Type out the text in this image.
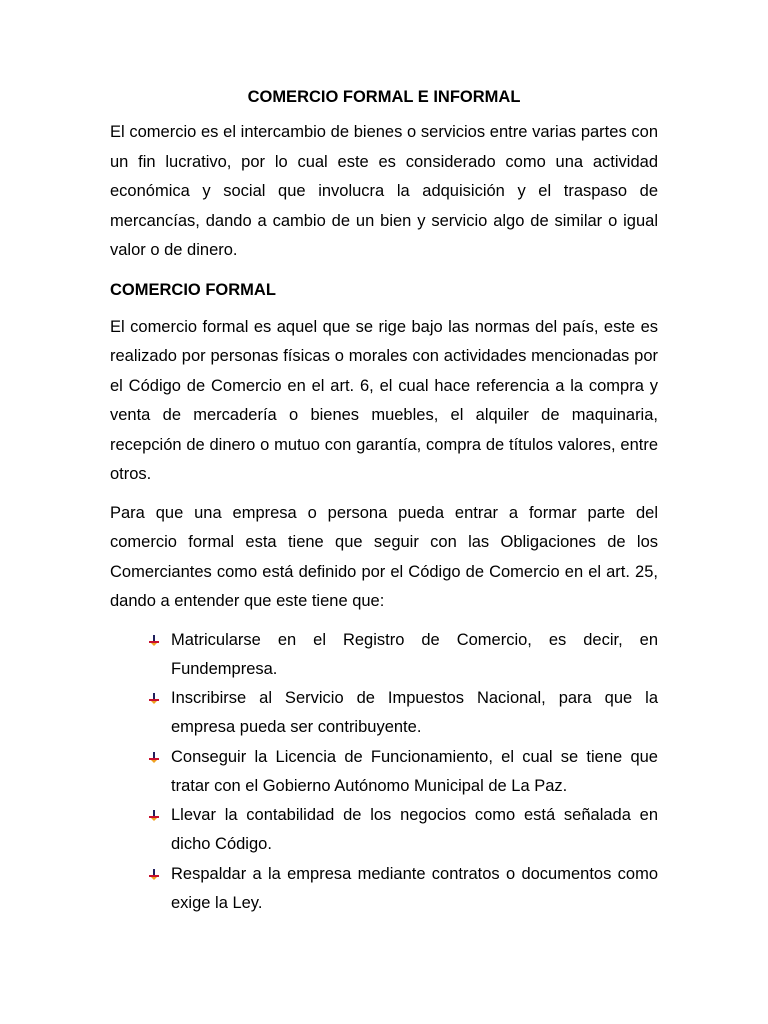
COMERCIO FORMAL E INFORMAL

El comercio es el intercambio de bienes o servicios entre varias partes con un fin lucrativo, por lo cual este es considerado como una actividad económica y social que involucra la adquisición y el traspaso de mercancías, dando a cambio de un bien y servicio algo de similar o igual valor o de dinero.

COMERCIO FORMAL

El comercio formal es aquel que se rige bajo las normas del país, este es realizado por personas físicas o morales con actividades mencionadas por el Código de Comercio en el art. 6, el cual hace referencia a la compra y venta de mercadería o bienes muebles, el alquiler de maquinaria, recepción de dinero o mutuo con garantía, compra de títulos valores, entre otros.

Para que una empresa o persona pueda entrar a formar parte del comercio formal esta tiene que seguir con las Obligaciones de los Comerciantes como está definido por el Código de Comercio en el art. 25, dando a entender que este tiene que:

Matricularse en el Registro de Comercio, es decir, en Fundempresa.
Inscribirse al Servicio de Impuestos Nacional, para que la empresa pueda ser contribuyente.
Conseguir la Licencia de Funcionamiento, el cual se tiene que tratar con el Gobierno Autónomo Municipal de La Paz.
Llevar la contabilidad de los negocios como está señalada en dicho Código.
Respaldar a la empresa mediante contratos o documentos como exige la Ley.
